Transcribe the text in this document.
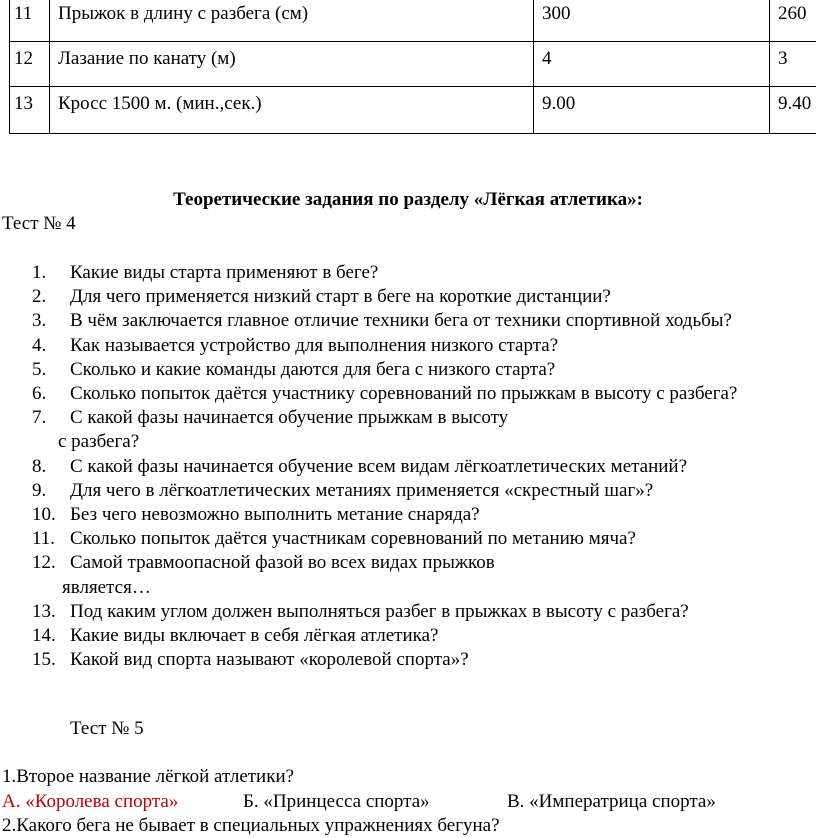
11	Прыжок в длину с разбега (см)	300	260
12	Лазание по канату (м)	4	3
13	Кросс 1500 м. (мин.,сек.)	9.00	9.40
Теоретические задания по разделу «Лёгкая атлетика»:
Тест № 4
1. Какие виды старта применяют в беге?
2. Для чего применяется низкий старт в беге на короткие дистанции?
3. В чём заключается главное отличие техники бега от техники спортивной ходьбы?
4. Как называется устройство для выполнения низкого старта?
5. Сколько и какие команды даются для бега с низкого старта?
6. Сколько попыток даётся участнику соревнований по прыжкам в высоту с разбега?
7. С какой фазы начинается обучение прыжкам в высоту
с разбега?
8. С какой фазы начинается обучение всем видам лёгкоатлетических метаний?
9. Для чего в лёгкоатлетических метаниях применяется «скрестный шаг»?
10. Без чего невозможно выполнить метание снаряда?
11. Сколько попыток даётся участникам соревнований по метанию мяча?
12. Самой травмоопасной фазой во всех видах прыжков
является…
13. Под каким углом должен выполняться разбег в прыжках в высоту с разбега?
14. Какие виды включает в себя лёгкая атлетика?
15. Какой вид спорта называют «королевой спорта»?
Тест № 5
1.Второе название лёгкой атлетики?
А. «Королева спорта»	Б. «Принцесса спорта»	В. «Императрица спорта»
2.Какого бега не бывает в специальных упражнениях бегуна?
